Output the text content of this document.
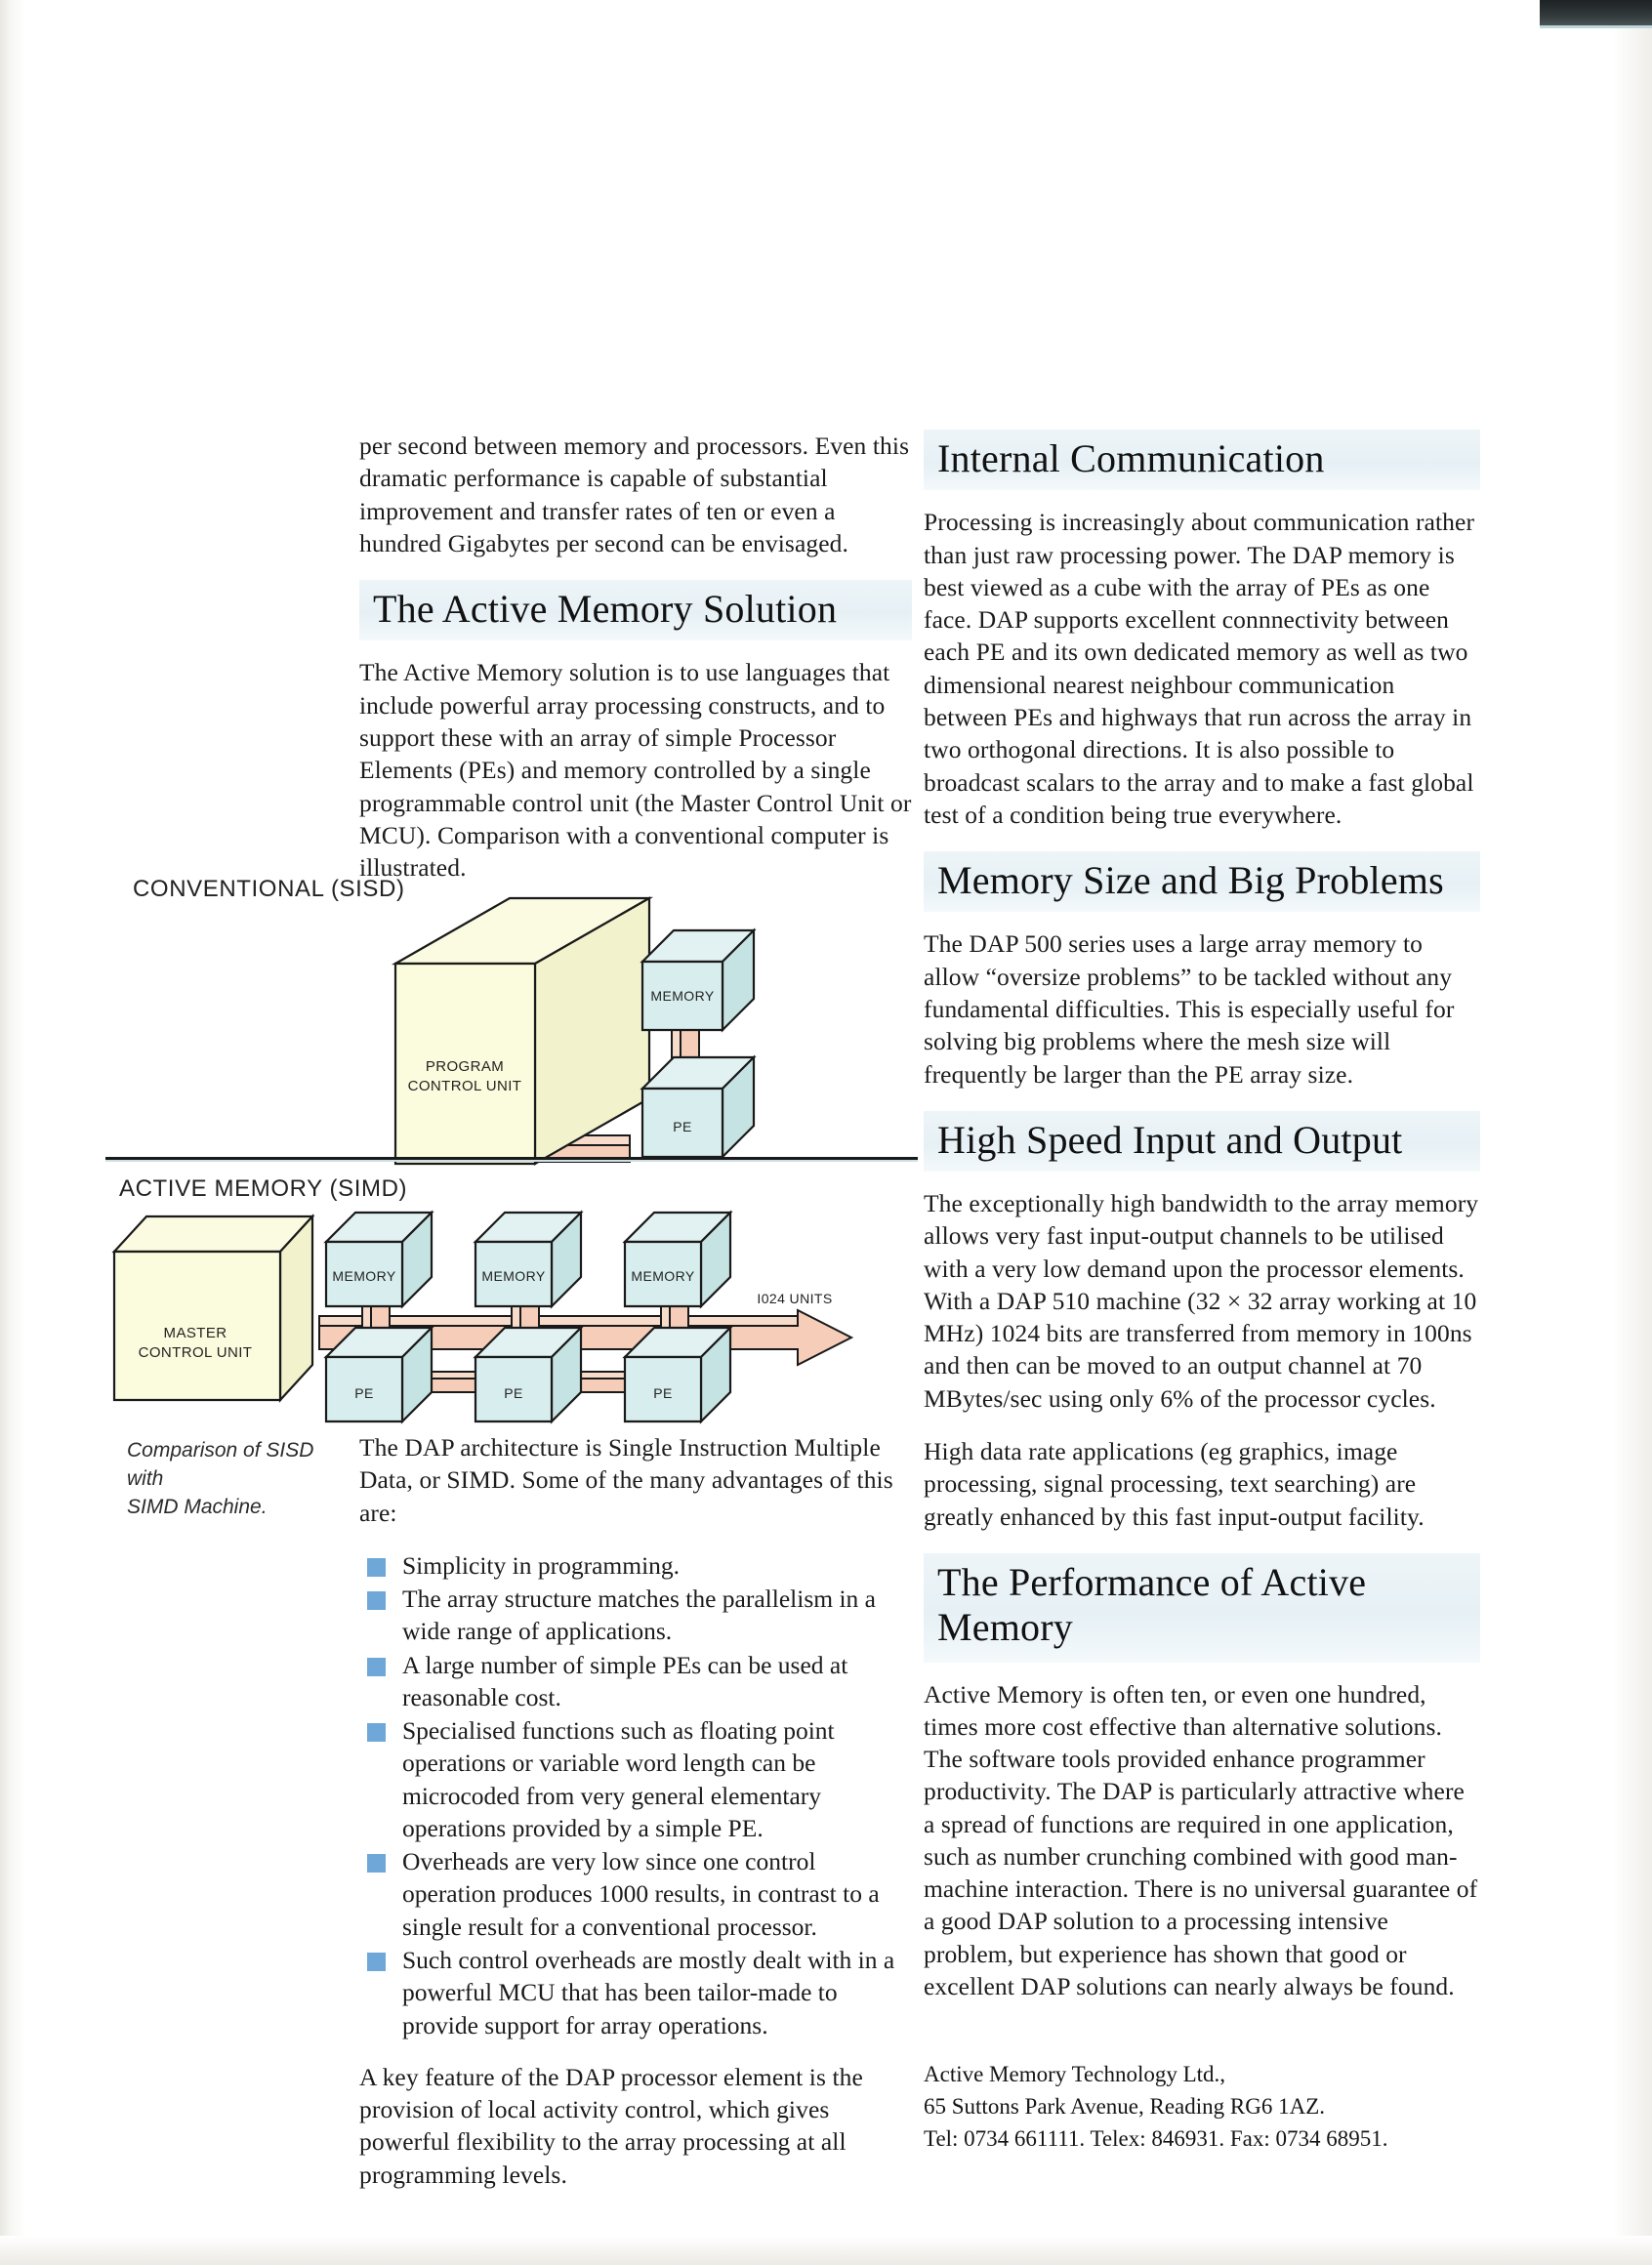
per second between memory and processors. Even this dramatic performance is capable of substantial improvement and transfer rates of ten or even a hundred Gigabytes per second can be envisaged.

The Active Memory Solution

The Active Memory solution is to use languages that include powerful array processing constructs, and to support these with an array of simple Processor Elements (PEs) and memory controlled by a single programmable control unit (the Master Control Unit or MCU). Comparison with a conventional computer is illustrated.

CONVENTIONAL (SISD)
PROGRAM
CONTROL UNIT
MEMORY
PE
ACTIVE MEMORY (SIMD)
I024 UNITS
MASTER
CONTROL UNIT
MEMORY	MEMORY	MEMORY
PE	PE	PE
Comparison of SISD with
SIMD Machine.

The DAP architecture is Single Instruction Multiple Data, or SIMD. Some of the many advantages of this are:

Simplicity in programming.
The array structure matches the parallelism in a wide range of applications.
A large number of simple PEs can be used at reasonable cost.
Specialised functions such as floating point operations or variable word length can be microcoded from very general elementary operations provided by a simple PE.
Overheads are very low since one control operation produces 1000 results, in contrast to a single result for a conventional processor.
Such control overheads are mostly dealt with in a powerful MCU that has been tailor-made to provide support for array operations.

A key feature of the DAP processor element is the provision of local activity control, which gives powerful flexibility to the array processing at all programming levels.

Internal Communication

Processing is increasingly about communication rather than just raw processing power. The DAP memory is best viewed as a cube with the array of PEs as one face. DAP supports excellent connnectivity between each PE and its own dedicated memory as well as two dimensional nearest neighbour communication between PEs and highways that run across the array in two orthogonal directions. It is also possible to broadcast scalars to the array and to make a fast global test of a condition being true everywhere.

Memory Size and Big Problems

The DAP 500 series uses a large array memory to allow “oversize problems” to be tackled without any fundamental difficulties. This is especially useful for solving big problems where the mesh size will frequently be larger than the PE array size.

High Speed Input and Output

The exceptionally high bandwidth to the array memory allows very fast input-output channels to be utilised with a very low demand upon the processor elements. With a DAP 510 machine (32 × 32 array working at 10 MHz) 1024 bits are transferred from memory in 100ns and then can be moved to an output channel at 70 MBytes/sec using only 6% of the processor cycles.

High data rate applications (eg graphics, image processing, signal processing, text searching) are greatly enhanced by this fast input-output facility.

The Performance of Active Memory

Active Memory is often ten, or even one hundred, times more cost effective than alternative solutions. The software tools provided enhance programmer productivity. The DAP is particularly attractive where a spread of functions are required in one application, such as number crunching combined with good man-machine interaction. There is no universal guarantee of a good DAP solution to a processing intensive problem, but experience has shown that good or excellent DAP solutions can nearly always be found.

Active Memory Technology Ltd.,
65 Suttons Park Avenue, Reading RG6 1AZ.
Tel: 0734 661111. Telex: 846931. Fax: 0734 68951.
